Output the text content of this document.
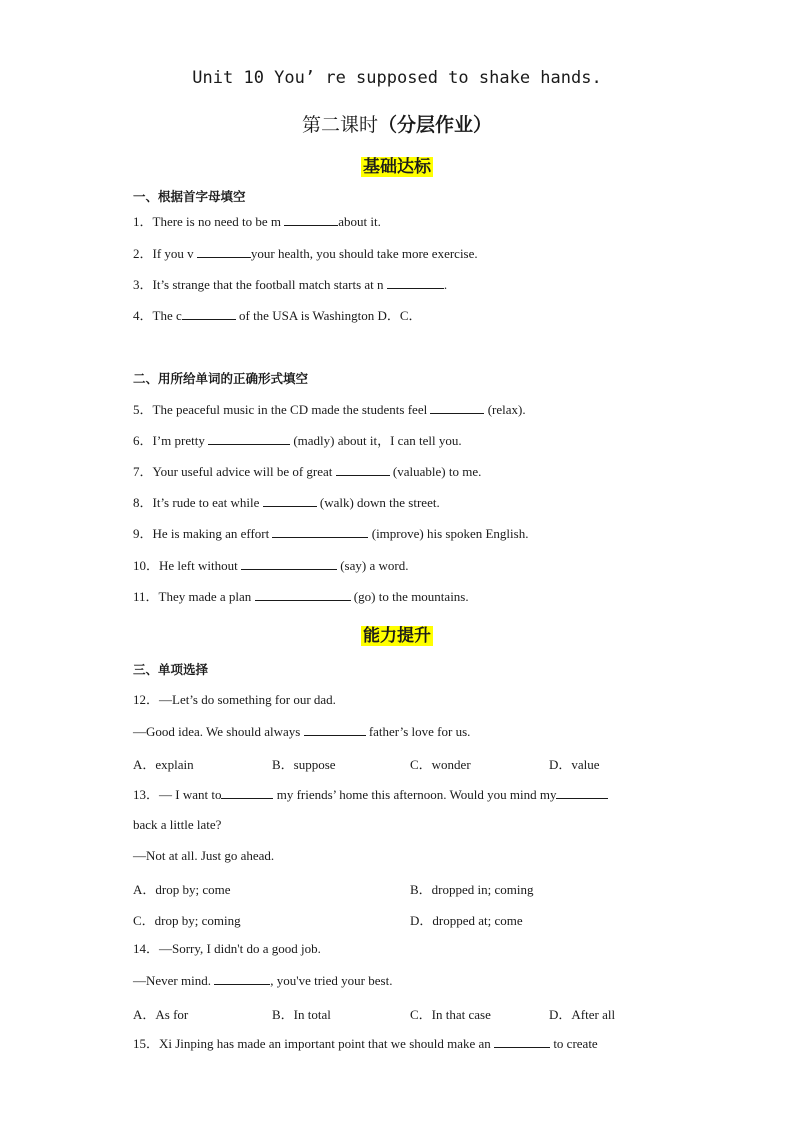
Unit 10 You’ re supposed to shake hands.
第二课时（分层作业）
基础达标
一、根据首字母填空
1．There is no need to be m	about it.
2．If you v	your health, you should take more exercise.
3．It’s strange that the football match starts at n	.
4．The c	of the USA is Washington D．C．
二、用所给单词的正确形式填空
5．The peaceful music in the CD made the students feel	(relax).
6．I’m pretty	(madly) about it，I can tell you.
7．Your useful advice will be of great	(valuable) to me.
8．It’s rude to eat while	(walk) down the street.
9．He is making an effort	(improve) his spoken English.
10．He left without	(say) a word.
11．They made a plan	(go) to the mountains.
能力提升
三、单项选择
12．—Let’s do something for our dad.
—Good idea. We should always	father’s love for us.
A．explain	B．suppose	C．wonder	D．value
13．— I want to	my friends’ home this afternoon. Would you mind my
back a little late?
—Not at all. Just go ahead.
A．drop by; come	B．dropped in; coming
C．drop by; coming	D．dropped at; come
14．—Sorry, I didn't do a good job.
—Never mind.	, you've tried your best.
A．As for	B．In total	C．In that case	D．After all
15．Xi Jinping has made an important point that we should make an	to create
